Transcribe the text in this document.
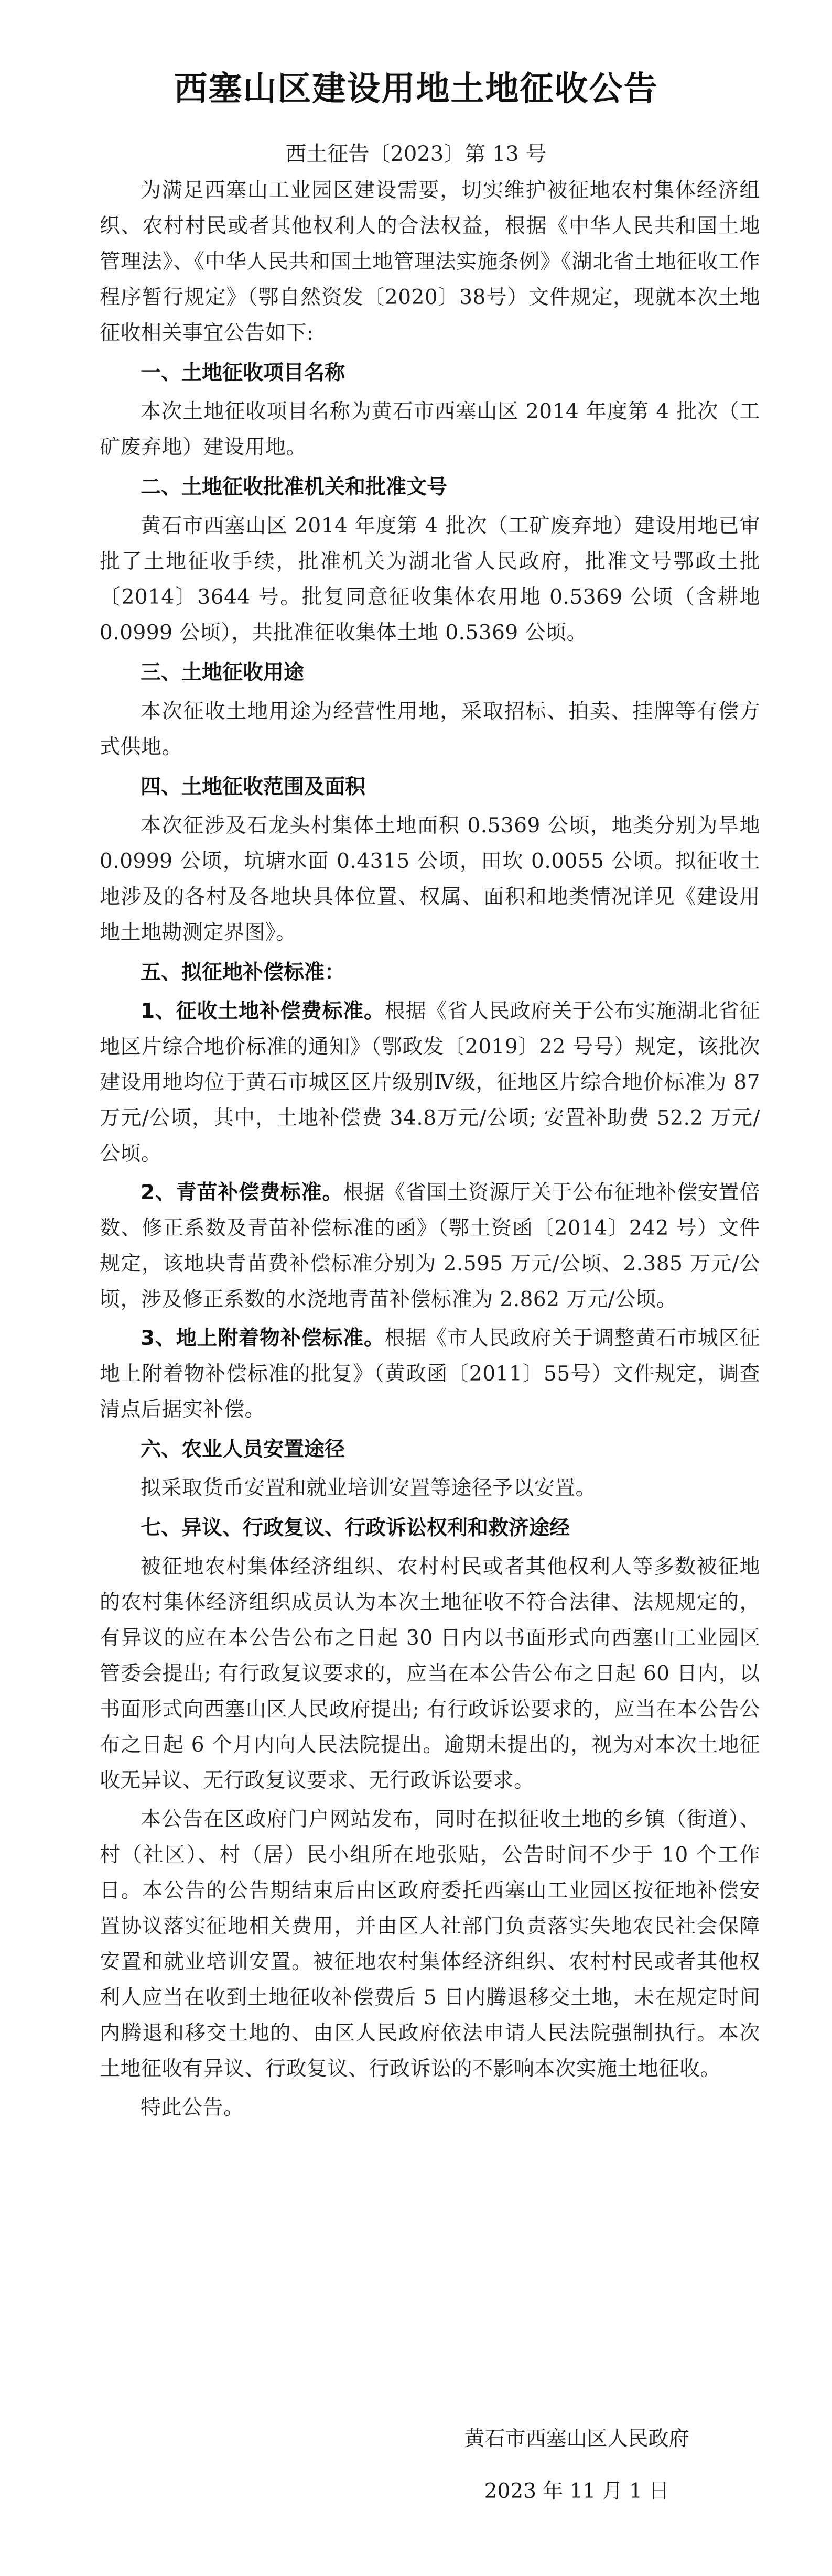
西塞山区建设用地土地征收公告
西土征告〔2023〕第 13 号

为满足西塞山工业园区建设需要，切实维护被征地农村集体经济组织、农村村民或者其他权利人的合法权益，根据《中华人民共和国土地管理法》、《中华人民共和国土地管理法实施条例》《湖北省土地征收工作程序暂行规定》（鄂自然资发〔2020〕38号）文件规定，现就本次土地征收相关事宜公告如下:

一、土地征收项目名称

本次土地征收项目名称为黄石市西塞山区 2014 年度第 4 批次（工矿废弃地）建设用地。

二、土地征收批准机关和批准文号

黄石市西塞山区 2014 年度第 4 批次（工矿废弃地）建设用地已审批了土地征收手续，批准机关为湖北省人民政府，批准文号鄂政土批〔2014〕3644 号。批复同意征收集体农用地 0.5369 公顷（含耕地 0.0999 公顷），共批准征收集体土地 0.5369 公顷。

三、土地征收用途

本次征收土地用途为经营性用地，采取招标、拍卖、挂牌等有偿方式供地。

四、土地征收范围及面积

本次征涉及石龙头村集体土地面积 0.5369 公顷，地类分别为旱地 0.0999 公顷，坑塘水面 0.4315 公顷，田坎 0.0055 公顷。拟征收土地涉及的各村及各地块具体位置、权属、面积和地类情况详见《建设用地土地勘测定界图》。

五、拟征地补偿标准：

1、征收土地补偿费标准。根据《省人民政府关于公布实施湖北省征地区片综合地价标准的通知》（鄂政发〔2019〕22 号号）规定，该批次建设用地均位于黄石市城区区片级别Ⅳ级，征地区片综合地价标准为 87 万元/公顷，其中，土地补偿费 34.8万元/公顷; 安置补助费 52.2 万元/公顷。

2、青苗补偿费标准。根据《省国土资源厅关于公布征地补偿安置倍数、修正系数及青苗补偿标准的函》（鄂土资函〔2014〕242 号）文件规定，该地块青苗费补偿标准分别为 2.595 万元/公顷、2.385 万元/公顷，涉及修正系数的水浇地青苗补偿标准为 2.862 万元/公顷。

3、地上附着物补偿标准。根据《市人民政府关于调整黄石市城区征地上附着物补偿标准的批复》（黄政函〔2011〕55号）文件规定，调查清点后据实补偿。

六、农业人员安置途径

拟采取货币安置和就业培训安置等途径予以安置。

七、异议、行政复议、行政诉讼权利和救济途经

被征地农村集体经济组织、农村村民或者其他权利人等多数被征地的农村集体经济组织成员认为本次土地征收不符合法律、法规规定的，有异议的应在本公告公布之日起 30 日内以书面形式向西塞山工业园区管委会提出; 有行政复议要求的，应当在本公告公布之日起 60 日内，以书面形式向西塞山区人民政府提出; 有行政诉讼要求的，应当在本公告公布之日起 6 个月内向人民法院提出。逾期未提出的，视为对本次土地征收无异议、无行政复议要求、无行政诉讼要求。

本公告在区政府门户网站发布，同时在拟征收土地的乡镇（街道）、村（社区）、村（居）民小组所在地张贴，公告时间不少于 10 个工作日。本公告的公告期结束后由区政府委托西塞山工业园区按征地补偿安置协议落实征地相关费用，并由区人社部门负责落实失地农民社会保障安置和就业培训安置。被征地农村集体经济组织、农村村民或者其他权利人应当在收到土地征收补偿费后 5 日内腾退移交土地，未在规定时间内腾退和移交土地的、由区人民政府依法申请人民法院强制执行。本次土地征收有异议、行政复议、行政诉讼的不影响本次实施土地征收。

特此公告。

黄石市西塞山区人民政府
2023 年 11 月 1 日
